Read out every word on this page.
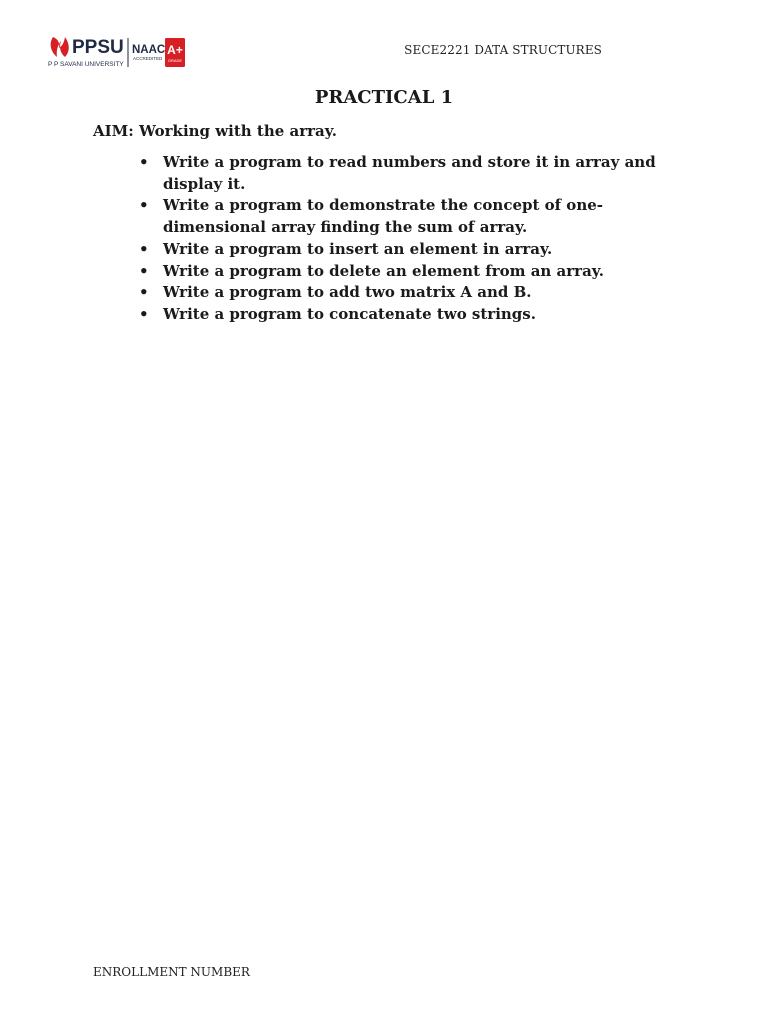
PPSU
P P SAVANI UNIVERSITY
NAAC
ACCREDITED
A+
GRADE
SECE2221 DATA STRUCTURES
PRACTICAL 1

AIM: Working with the array.

• Write a program to read numbers and store it in array and display it.
• Write a program to demonstrate the concept of one-dimensional array finding the sum of array.
• Write a program to insert an element in array.
• Write a program to delete an element from an array.
• Write a program to add two matrix A and B.
• Write a program to concatenate two strings.
ENROLLMENT NUMBER
